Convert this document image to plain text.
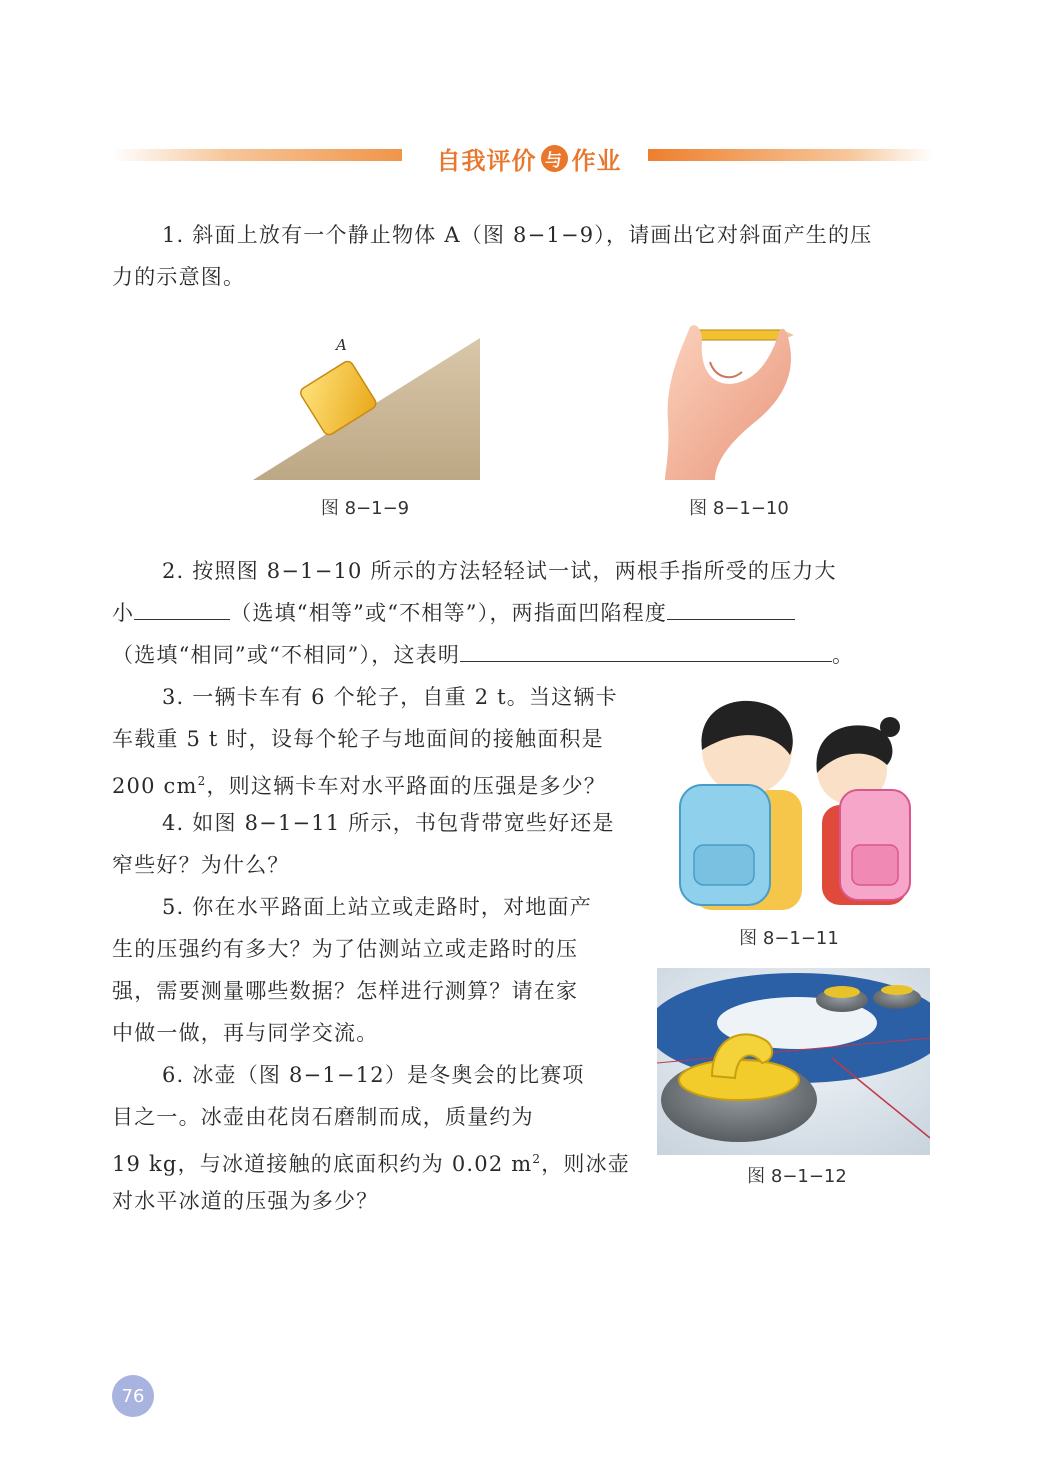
自我评价 与 作业
1. 斜面上放有一个静止物体 A（图 8−1−9），请画出它对斜面产生的压
力的示意图。
A
图 8−1−9	图 8−1−10
2. 按照图 8−1−10 所示的方法轻轻试一试，两根手指所受的压力大
小	（选填“相等”或“不相等”），两指面凹陷程度
（选填“相同”或“不相同”），这表明	。
3. 一辆卡车有 6 个轮子，自重 2 t。当这辆卡
车载重 5 t 时，设每个轮子与地面间的接触面积是
200 $cm^2$，则这辆卡车对水平路面的压强是多少？
4. 如图 8−1−11 所示，书包背带宽些好还是
窄些好？为什么？
5. 你在水平路面上站立或走路时，对地面产
生的压强约有多大？为了估测站立或走路时的压
强，需要测量哪些数据？怎样进行测算？请在家
中做一做，再与同学交流。
图 8−1−11
图 8−1−12
6. 冰壶（图 8−1−12）是冬奥会的比赛项
目之一。冰壶由花岗石磨制而成，质量约为
19 kg，与冰道接触的底面积约为 0.02 $m^2$，则冰壶
对水平冰道的压强为多少？
76
